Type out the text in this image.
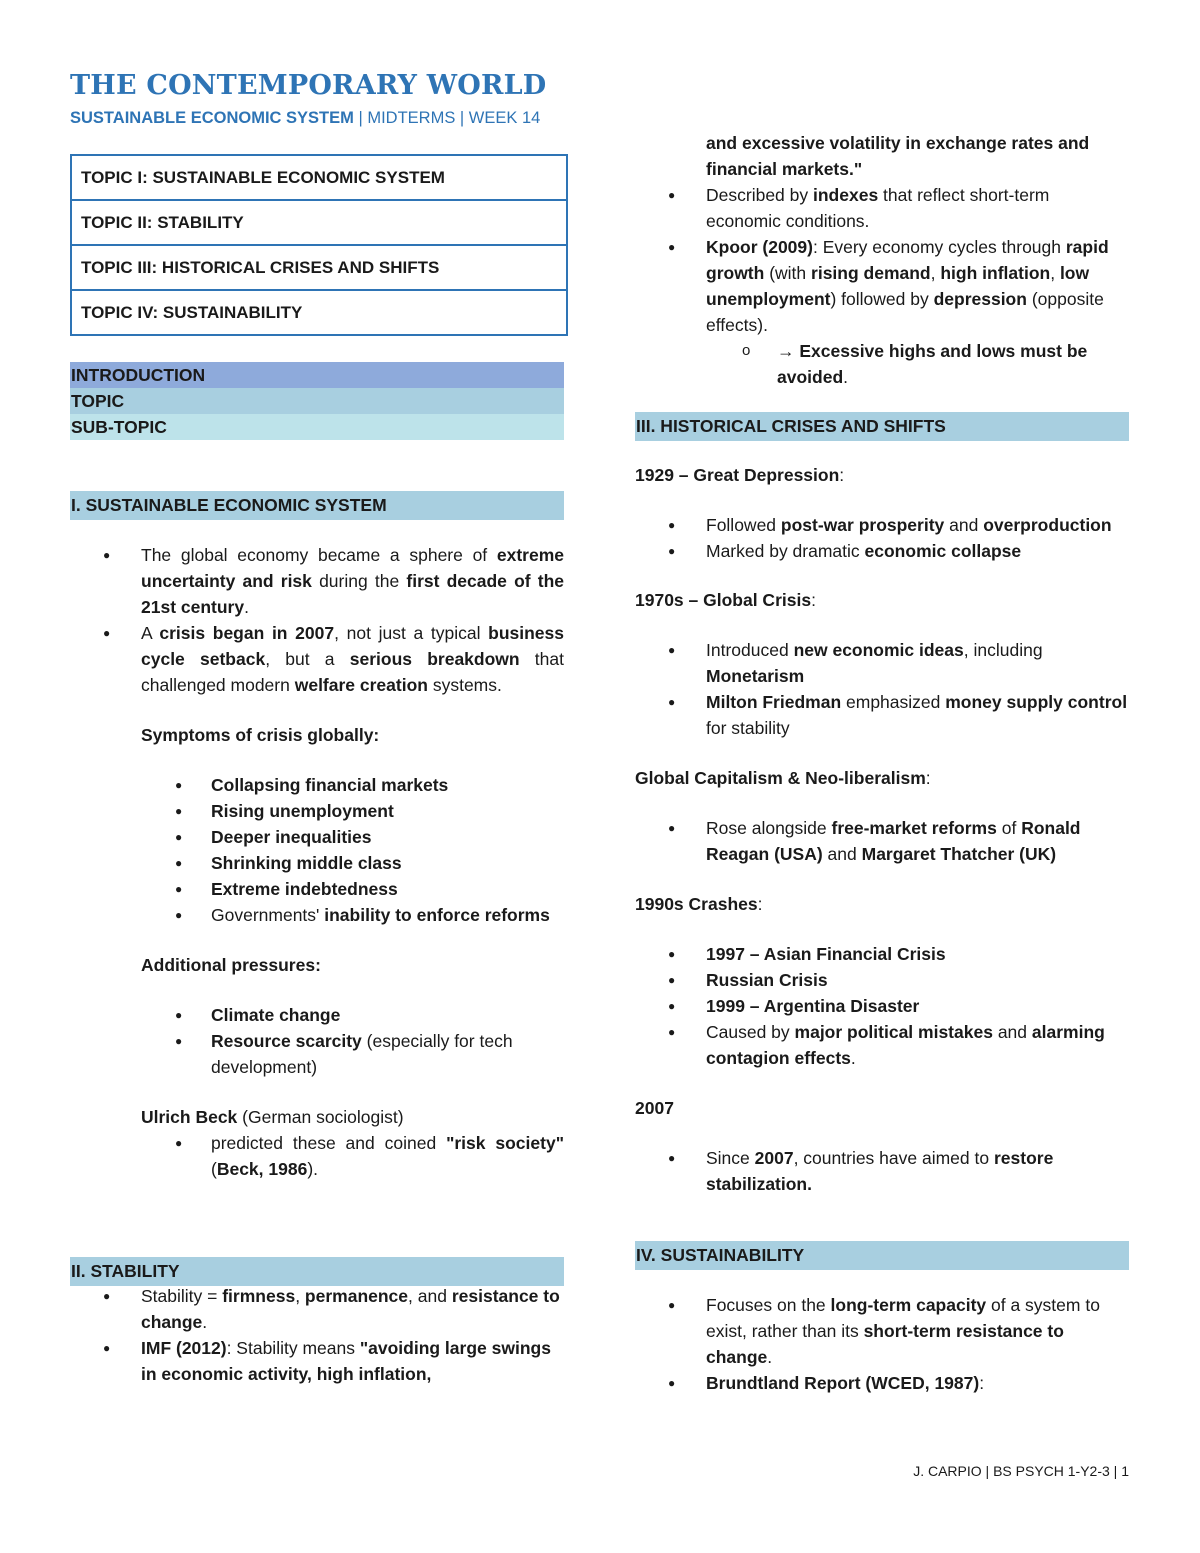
THE CONTEMPORARY WORLD
SUSTAINABLE ECONOMIC SYSTEM | MIDTERMS | WEEK 14
TOPIC I: SUSTAINABLE ECONOMIC SYSTEM
TOPIC II: STABILITY
TOPIC III: HISTORICAL CRISES AND SHIFTS
TOPIC IV: SUSTAINABILITY
INTRODUCTION
TOPIC
SUB-TOPIC
I. SUSTAINABLE ECONOMIC SYSTEM
● The global economy became a sphere of extreme uncertainty and risk during the first decade of the 21st century.
● A crisis began in 2007, not just a typical business cycle setback, but a serious breakdown that challenged modern welfare creation systems.
Symptoms of crisis globally:
● Collapsing financial markets
● Rising unemployment
● Deeper inequalities
● Shrinking middle class
● Extreme indebtedness
● Governments' inability to enforce reforms
Additional pressures:
● Climate change
● Resource scarcity (especially for tech development)
Ulrich Beck (German sociologist)
● predicted these and coined "risk society" (Beck, 1986).
II. STABILITY
● Stability = firmness, permanence, and resistance to change.
● IMF (2012): Stability means "avoiding large swings in economic activity, high inflation,
and excessive volatility in exchange rates and financial markets."
● Described by indexes that reflect short-term economic conditions.
● Kpoor (2009): Every economy cycles through rapid growth (with rising demand, high inflation, low unemployment) followed by depression (opposite effects).
o → Excessive highs and lows must be avoided.
III. HISTORICAL CRISES AND SHIFTS
1929 – Great Depression:
● Followed post-war prosperity and overproduction
● Marked by dramatic economic collapse
1970s – Global Crisis:
● Introduced new economic ideas, including Monetarism
● Milton Friedman emphasized money supply control for stability
Global Capitalism & Neo-liberalism:
● Rose alongside free-market reforms of Ronald Reagan (USA) and Margaret Thatcher (UK)
1990s Crashes:
● 1997 – Asian Financial Crisis
● Russian Crisis
● 1999 – Argentina Disaster
● Caused by major political mistakes and alarming contagion effects.
2007
● Since 2007, countries have aimed to restore stabilization.
IV. SUSTAINABILITY
● Focuses on the long-term capacity of a system to exist, rather than its short-term resistance to change.
● Brundtland Report (WCED, 1987):
J. CARPIO | BS PSYCH 1-Y2-3 | 1
